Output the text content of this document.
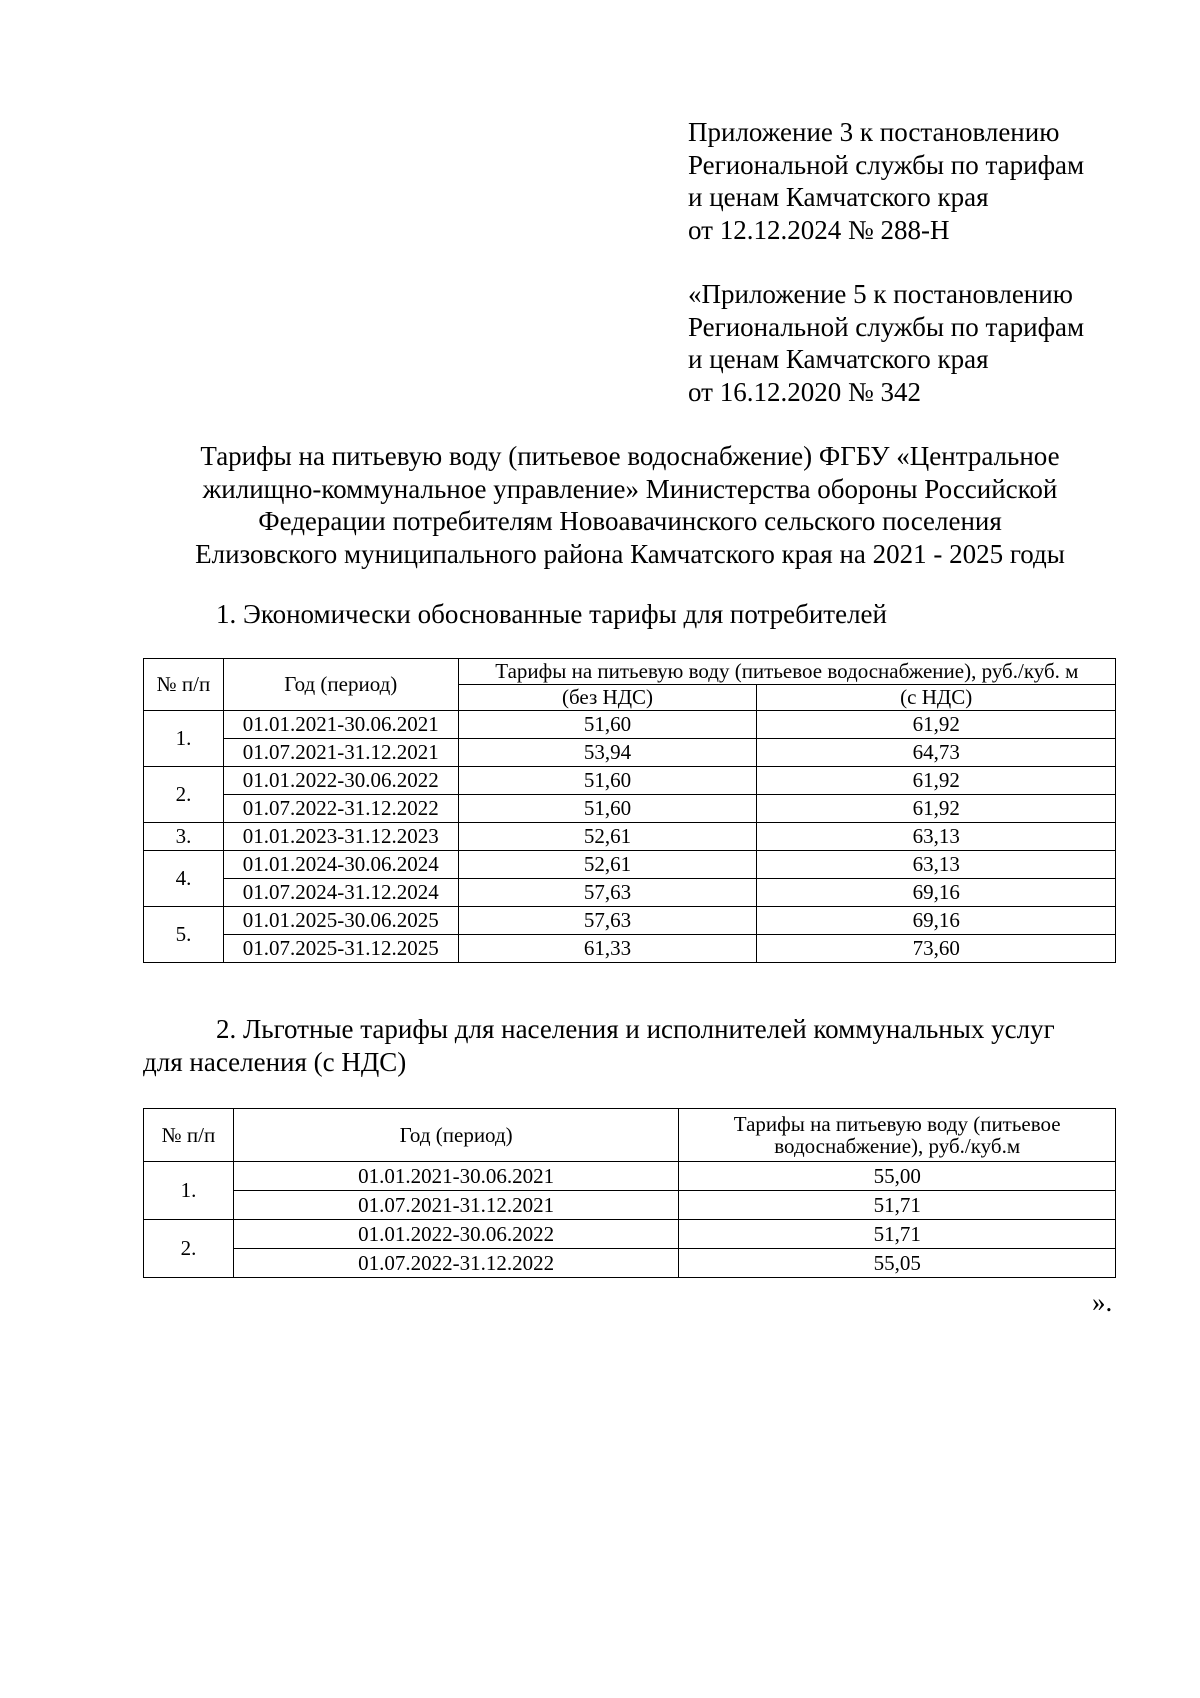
Приложение 3 к постановлению
Региональной службы по тарифам
и ценам Камчатского края
от 12.12.2024 № 288-Н
«Приложение 5 к постановлению
Региональной службы по тарифам
и ценам Камчатского края
от 16.12.2020 № 342
Тарифы на питьевую воду (питьевое водоснабжение) ФГБУ «Центральное
жилищно-коммунальное управление» Министерства обороны Российской
Федерации потребителям Новоавачинского сельского поселения
Елизовского муниципального района Камчатского края на 2021 - 2025 годы
1. Экономически обоснованные тарифы для потребителей
№ п/п	Год (период)	Тарифы на питьевую воду (питьевое водоснабжение), руб./куб. м	
		(без НДС)	(с НДС)
1.	01.01.2021-30.06.2021	51,60	61,92
	01.07.2021-31.12.2021	53,94	64,73
2.	01.01.2022-30.06.2022	51,60	61,92
	01.07.2022-31.12.2022	51,60	61,92
3.	01.01.2023-31.12.2023	52,61	63,13
4.	01.01.2024-30.06.2024	52,61	63,13
	01.07.2024-31.12.2024	57,63	69,16
5.	01.01.2025-30.06.2025	57,63	69,16
	01.07.2025-31.12.2025	61,33	73,60
2. Льготные тарифы для населения и исполнителей коммунальных услуг
для населения (с НДС)
№ п/п	Год (период)	Тарифы на питьевую воду (питьевое
водоснабжение), руб./куб.м

1.	01.01.2021-30.06.2021	55,00
	01.07.2021-31.12.2021	51,71
2.	01.01.2022-30.06.2022	51,71
	01.07.2022-31.12.2022	55,05
».
